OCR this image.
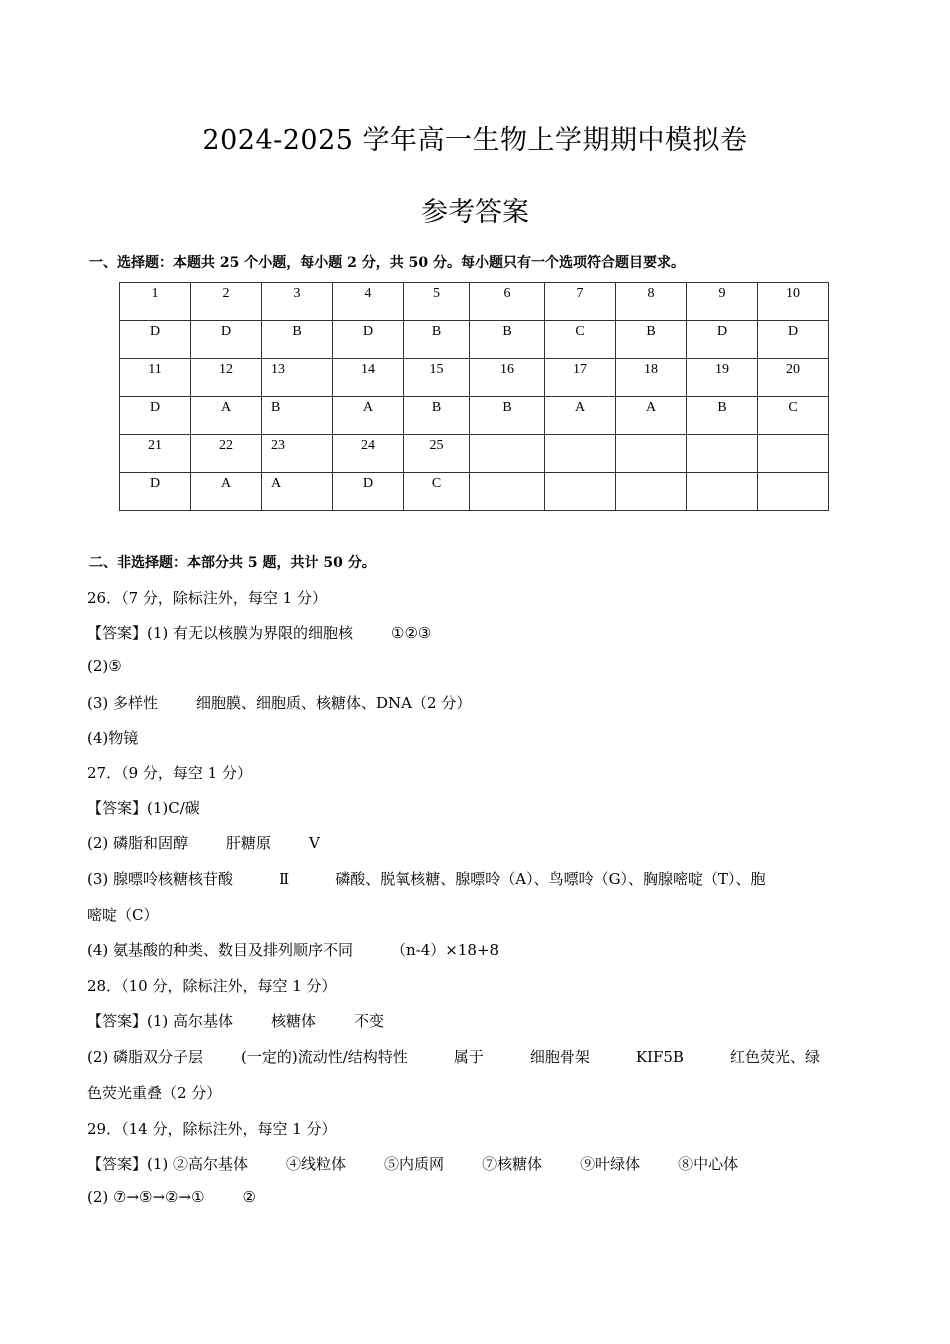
2024-2025 学年高一生物上学期期中模拟卷
参考答案
一、选择题：本题共 25 个小题，每小题 2 分，共 50 分。每小题只有一个选项符合题目要求。
1	2	3	4	5	6	7	8	9	10

D	D	B	D	B	B	C	B	D	D

11	12	13	14	15	16	17	18	19	20

D	A	B	A	B	B	A	A	B	C

21	22	23	24	25					

D	A	A	D	C					

二、非选择题：本部分共 5 题，共计 50 分。
26．（7 分，除标注外，每空 1 分）
【答案】(1) 有无以核膜为界限的细胞核	①②③
(2)⑤
(3) 多样性	细胞膜、细胞质、核糖体、DNA（2 分）
(4)物镜
27．（9 分，每空 1 分）
【答案】(1)C/碳
(2) 磷脂和固醇	肝糖原	Ⅴ
(3) 腺嘌呤核糖核苷酸	Ⅱ	磷酸、脱氧核糖、腺嘌呤（A）、鸟嘌呤（G）、胸腺嘧啶（T）、胞
嘧啶（C）
(4) 氨基酸的种类、数目及排列顺序不同	（n-4）×18+8
28．（10 分，除标注外，每空 1 分）
【答案】(1) 高尔基体	核糖体	不变
(2) 磷脂双分子层	(一定的)流动性/结构特性	属于	细胞骨架	KIF5B	红色荧光、绿
色荧光重叠（2 分）
29．（14 分，除标注外，每空 1 分）
【答案】(1) ②高尔基体	④线粒体	⑤内质网	⑦核糖体	⑨叶绿体	⑧中心体
(2) ⑦→⑤→②→①	②
